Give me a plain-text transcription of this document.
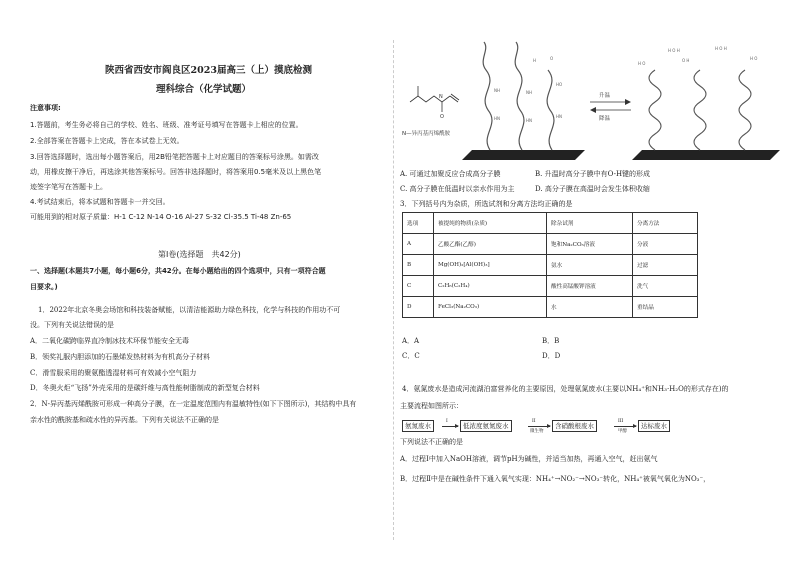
陕西省西安市阎良区2023届高三（上）摸底检测
理科综合（化学试题）
注意事项:
1.答题前，考生务必将自己的学校、姓名、班级、准考证号填写在答题卡上相应的位置。
2.全部答案在答题卡上完成，答在本试卷上无效。
3.回答选择题时，选出每小题答案后，用2B铅笔把答题卡上对应题目的答案标号涂黑。如需改
动，用橡皮擦干净后，再选涂其他答案标号。回答非选择题时，将答案用0.5毫米及以上黑色笔
迹签字笔写在答题卡上。
4.考试结束后，将本试题和答题卡一并交回。
可能用到的相对原子质量：H-1 C-12 N-14 O-16 Al-27 S-32 Cl-35.5 Ti-48 Zn-65
第Ⅰ卷(选择题　共42分)
一、选择题(本题共7小题，每小题6分，共42分。在每小题给出的四个选项中，只有一项符合题
目要求。)
1．2022年北京冬奥会场馆和科技装备赋能，以清洁能源助力绿色科技，化学与科技的作用功不可
没。下列有关说法错误的是
A．二氧化碳跨临界直冷制冰技术环保节能安全无毒
B．领奖礼服内胆添加的石墨烯发热材料为有机高分子材料
C．滑雪服采用的聚氨酯透湿材料可有效减小空气阻力
D．冬奥火炬“飞扬”外壳采用的是碳纤维与高性能树脂制成的新型复合材料
2．N-异丙基丙烯酰胺可形成一种高分子膜，在一定温度范围内有温敏特性(如下下图所示)，其结构中具有
亲水性的酰胺基和疏水性的异丙基。下列有关说法不正确的是
N
O
N—异丙基丙烯酰胺
HN
NH
HN
NH
HN
HO
H	O
升温
降温
H O H	H O H
H O
H O
O H
A. 可通过加聚反应合成高分子膜	B. 升温时高分子膜中有O-H键的形成
C. 高分子膜在低温时以亲水作用为主	D. 高分子膜在高温时会发生体积收缩
3．下列括号内为杂质，所选试剂和分离方法均正确的是
选项	被提纯的物质(杂质)	除杂试剂	分离方法
A	乙酸乙酯(乙醇)	饱和Na₂CO₃溶液	分液
B	Mg(OH)₂[Al(OH)₃]	氨水	过滤
C	C₂H₆(C₂H₄)	酸性高锰酸钾溶液	洗气
D	FeCl₃(Na₂CO₃)	水	重结晶
A．A	B．B
C．C	D．D
4．氨氮废水是造成河流湖泊富营养化的主要原因，处理氨氮废水(主要以NH₄⁺和NH₃·H₂O的形式存在)的
主要流程如图所示：
下列说法不正确的是
A．过程Ⅰ中加入NaOH溶液，调节pH为碱性，并适当加热，再通入空气，赶出氨气
B．过程Ⅱ中是在碱性条件下通入氧气实现：NH₄⁺→NO₂⁻→NO₃⁻转化，NH₄⁺被氧气氧化为NO₃⁻，
氨氮废水
I
低浓度氨氮废水
II
微生物
含硝酸根废水
III
甲醇
达标废水
